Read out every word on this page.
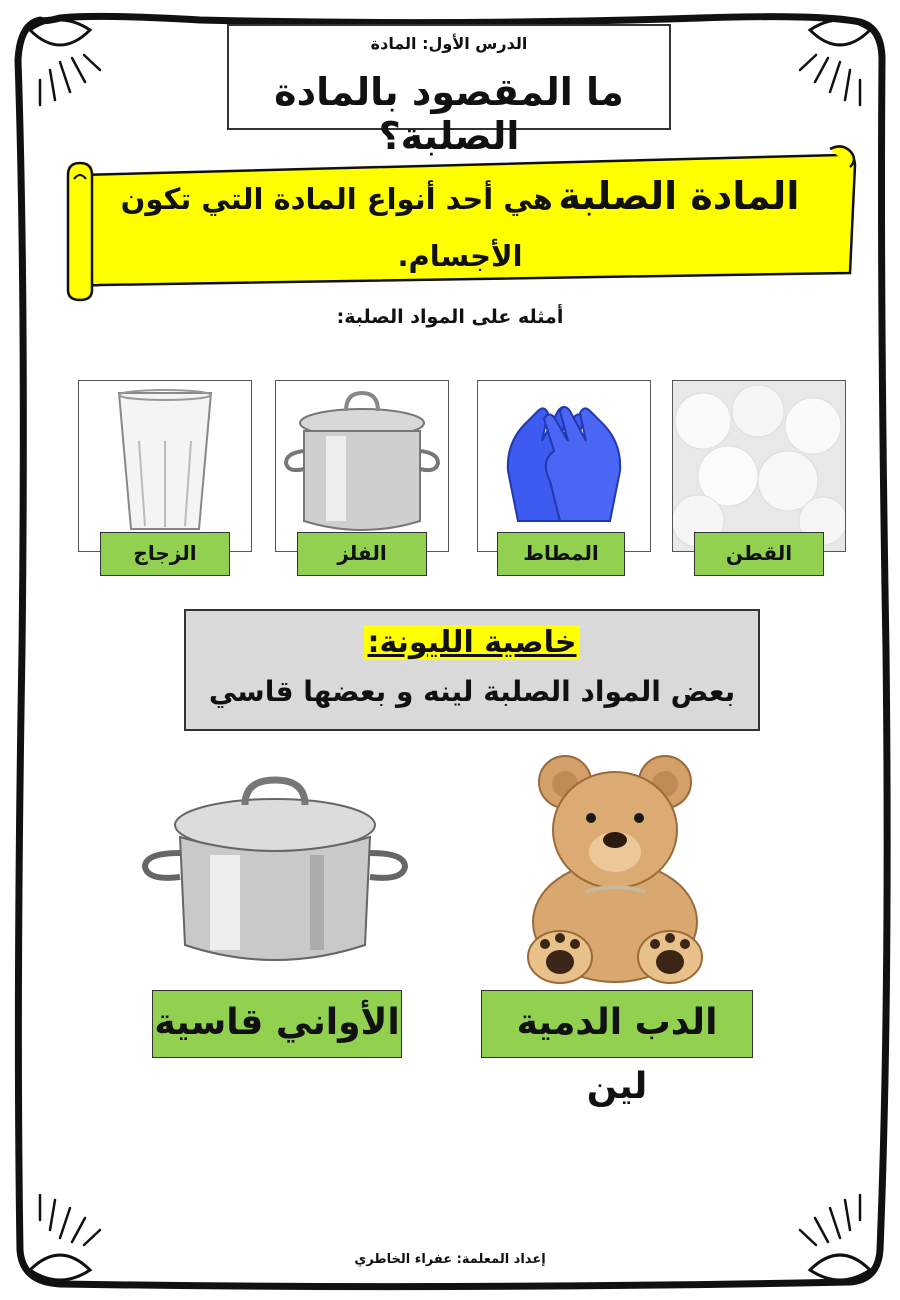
الدرس الأول: المادة
ما المقصود بالمادة الصلبة؟
المادة الصلبة هي أحد أنواع المادة التي تكون الأجسام.
أمثله على المواد الصلبة:
الزجاج	الفلز	المطاط	القطن
خاصية الليونة:
بعض المواد الصلبة لينه و بعضها قاسي
الأواني قاسية	الدب الدمية لين
إعداد المعلمة: عفراء الخاطري
